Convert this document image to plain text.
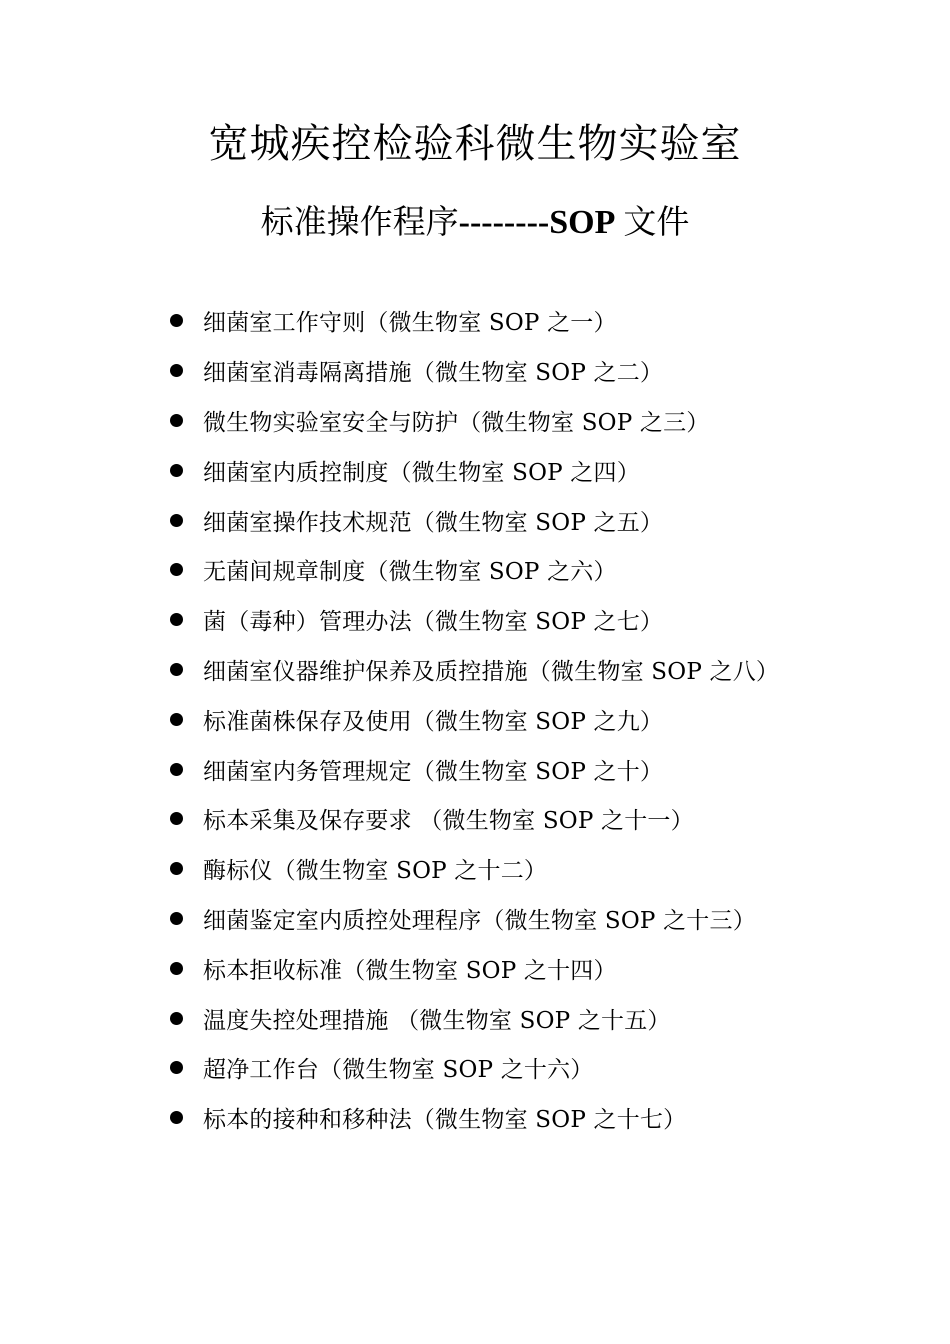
宽城疾控检验科微生物实验室
标准操作程序--------SOP 文件
细菌室工作守则（微生物室 SOP 之一）
细菌室消毒隔离措施（微生物室 SOP 之二）
微生物实验室安全与防护（微生物室 SOP 之三）
细菌室内质控制度（微生物室 SOP 之四）
细菌室操作技术规范（微生物室 SOP 之五）
无菌间规章制度（微生物室 SOP 之六）
菌（毒种）管理办法（微生物室 SOP 之七）
细菌室仪器维护保养及质控措施（微生物室 SOP 之八）
标准菌株保存及使用（微生物室 SOP 之九）
细菌室内务管理规定（微生物室 SOP 之十）
标本采集及保存要求 （微生物室 SOP 之十一）
酶标仪（微生物室 SOP 之十二）
细菌鉴定室内质控处理程序（微生物室 SOP 之十三）
标本拒收标准（微生物室 SOP 之十四）
温度失控处理措施 （微生物室 SOP 之十五）
超净工作台（微生物室 SOP 之十六）
标本的接种和移种法（微生物室 SOP 之十七）
